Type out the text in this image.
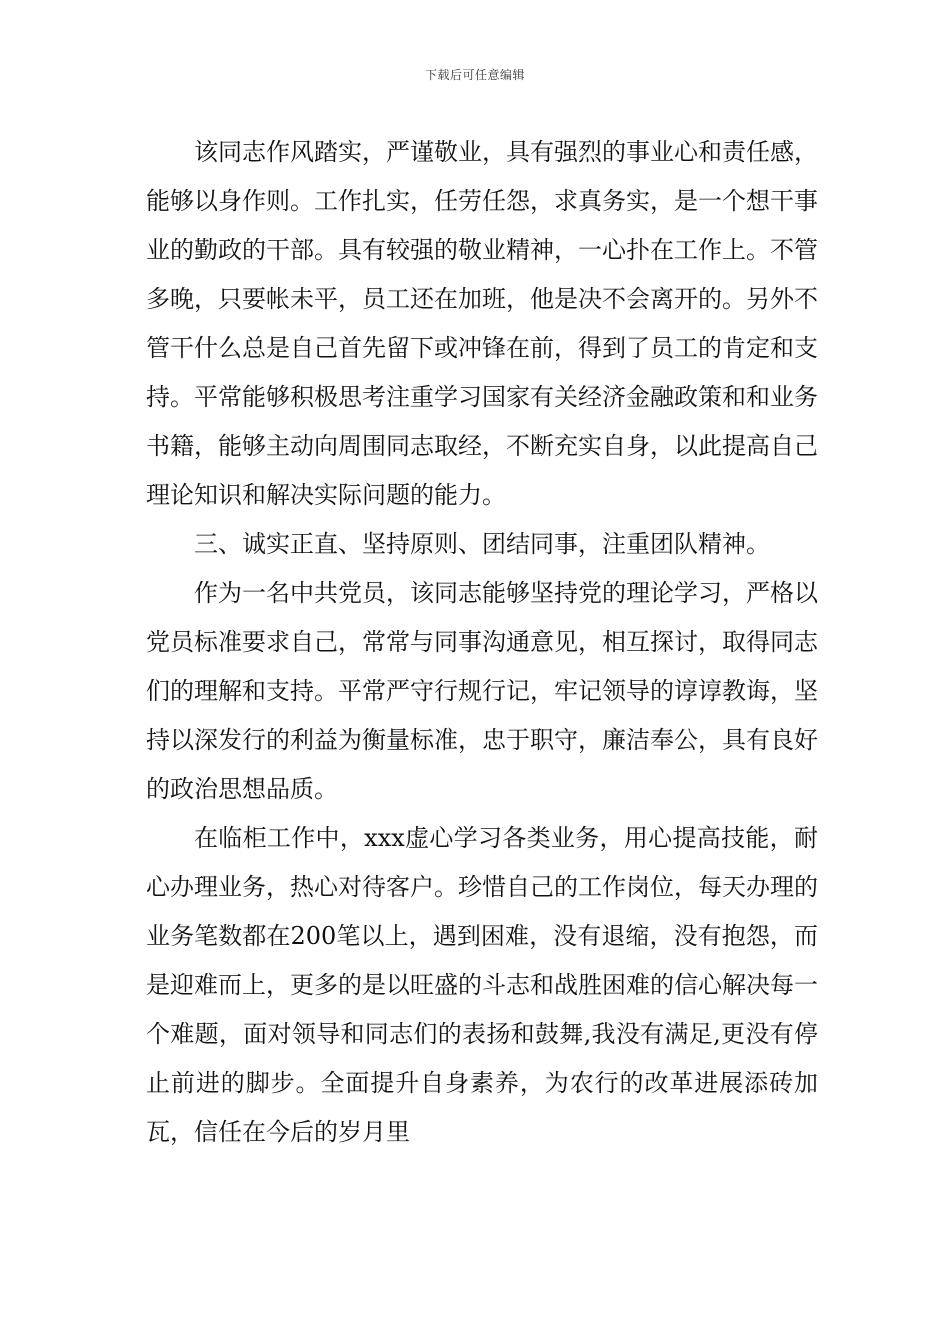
下载后可任意编辑

该同志作风踏实，严谨敬业，具有强烈的事业心和责任感，能够以身作则。工作扎实，任劳任怨，求真务实，是一个想干事业的勤政的干部。具有较强的敬业精神，一心扑在工作上。不管多晚，只要帐未平，员工还在加班，他是决不会离开的。另外不管干什么总是自己首先留下或冲锋在前，得到了员工的肯定和支持。平常能够积极思考注重学习国家有关经济金融政策和和业务书籍，能够主动向周围同志取经，不断充实自身，以此提高自己理论知识和解决实际问题的能力。

三、诚实正直、坚持原则、团结同事，注重团队精神。

作为一名中共党员，该同志能够坚持党的理论学习，严格以党员标准要求自己，常常与同事沟通意见，相互探讨，取得同志们的理解和支持。平常严守行规行记，牢记领导的谆谆教诲，坚持以深发行的利益为衡量标准，忠于职守，廉洁奉公，具有良好的政治思想品质。

在临柜工作中，xxx虚心学习各类业务，用心提高技能，耐心办理业务，热心对待客户。珍惜自己的工作岗位，每天办理的业务笔数都在200笔以上，遇到困难，没有退缩，没有抱怨，而是迎难而上，更多的是以旺盛的斗志和战胜困难的信心解决每一个难题，面对领导和同志们的表扬和鼓舞,我没有满足,更没有停止前进的脚步。全面提升自身素养，为农行的改革进展添砖加瓦，信任在今后的岁月里
